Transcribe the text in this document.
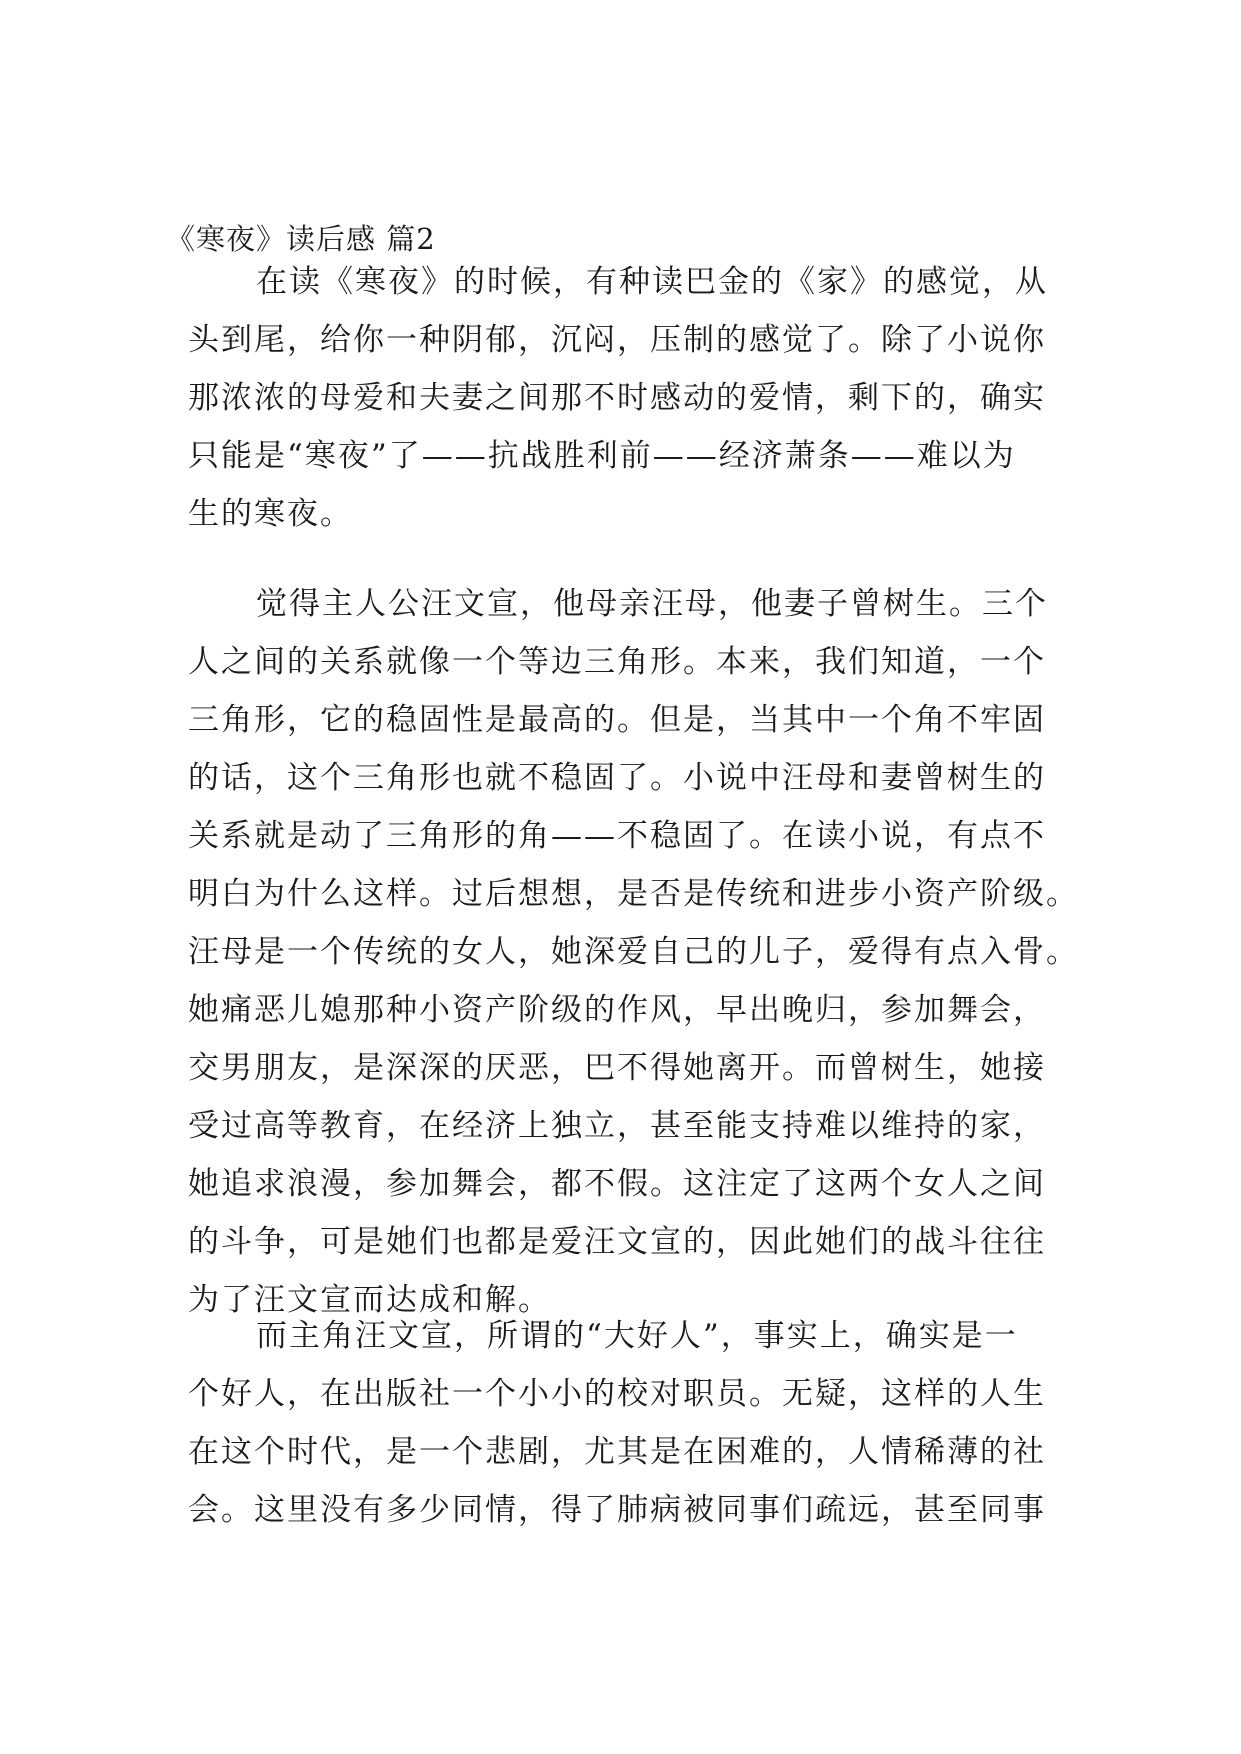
《寒夜》读后感 篇2
在读《寒夜》的时候，有种读巴金的《家》的感觉，从
头到尾，给你一种阴郁，沉闷，压制的感觉了。除了小说你
那浓浓的母爱和夫妻之间那不时感动的爱情，剩下的，确实
只能是“寒夜”了——抗战胜利前——经济萧条——难以为
生的寒夜。
觉得主人公汪文宣，他母亲汪母，他妻子曾树生。三个
人之间的关系就像一个等边三角形。本来，我们知道，一个
三角形，它的稳固性是最高的。但是，当其中一个角不牢固
的话，这个三角形也就不稳固了。小说中汪母和妻曾树生的
关系就是动了三角形的角——不稳固了。在读小说，有点不
明白为什么这样。过后想想，是否是传统和进步小资产阶级。
汪母是一个传统的女人，她深爱自己的儿子，爱得有点入骨。
她痛恶儿媳那种小资产阶级的作风，早出晚归，参加舞会，
交男朋友，是深深的厌恶，巴不得她离开。而曾树生，她接
受过高等教育，在经济上独立，甚至能支持难以维持的家，
她追求浪漫，参加舞会，都不假。这注定了这两个女人之间
的斗争，可是她们也都是爱汪文宣的，因此她们的战斗往往
为了汪文宣而达成和解。
而主角汪文宣，所谓的“大好人”，事实上，确实是一
个好人，在出版社一个小小的校对职员。无疑，这样的人生
在这个时代，是一个悲剧，尤其是在困难的，人情稀薄的社
会。这里没有多少同情，得了肺病被同事们疏远，甚至同事
